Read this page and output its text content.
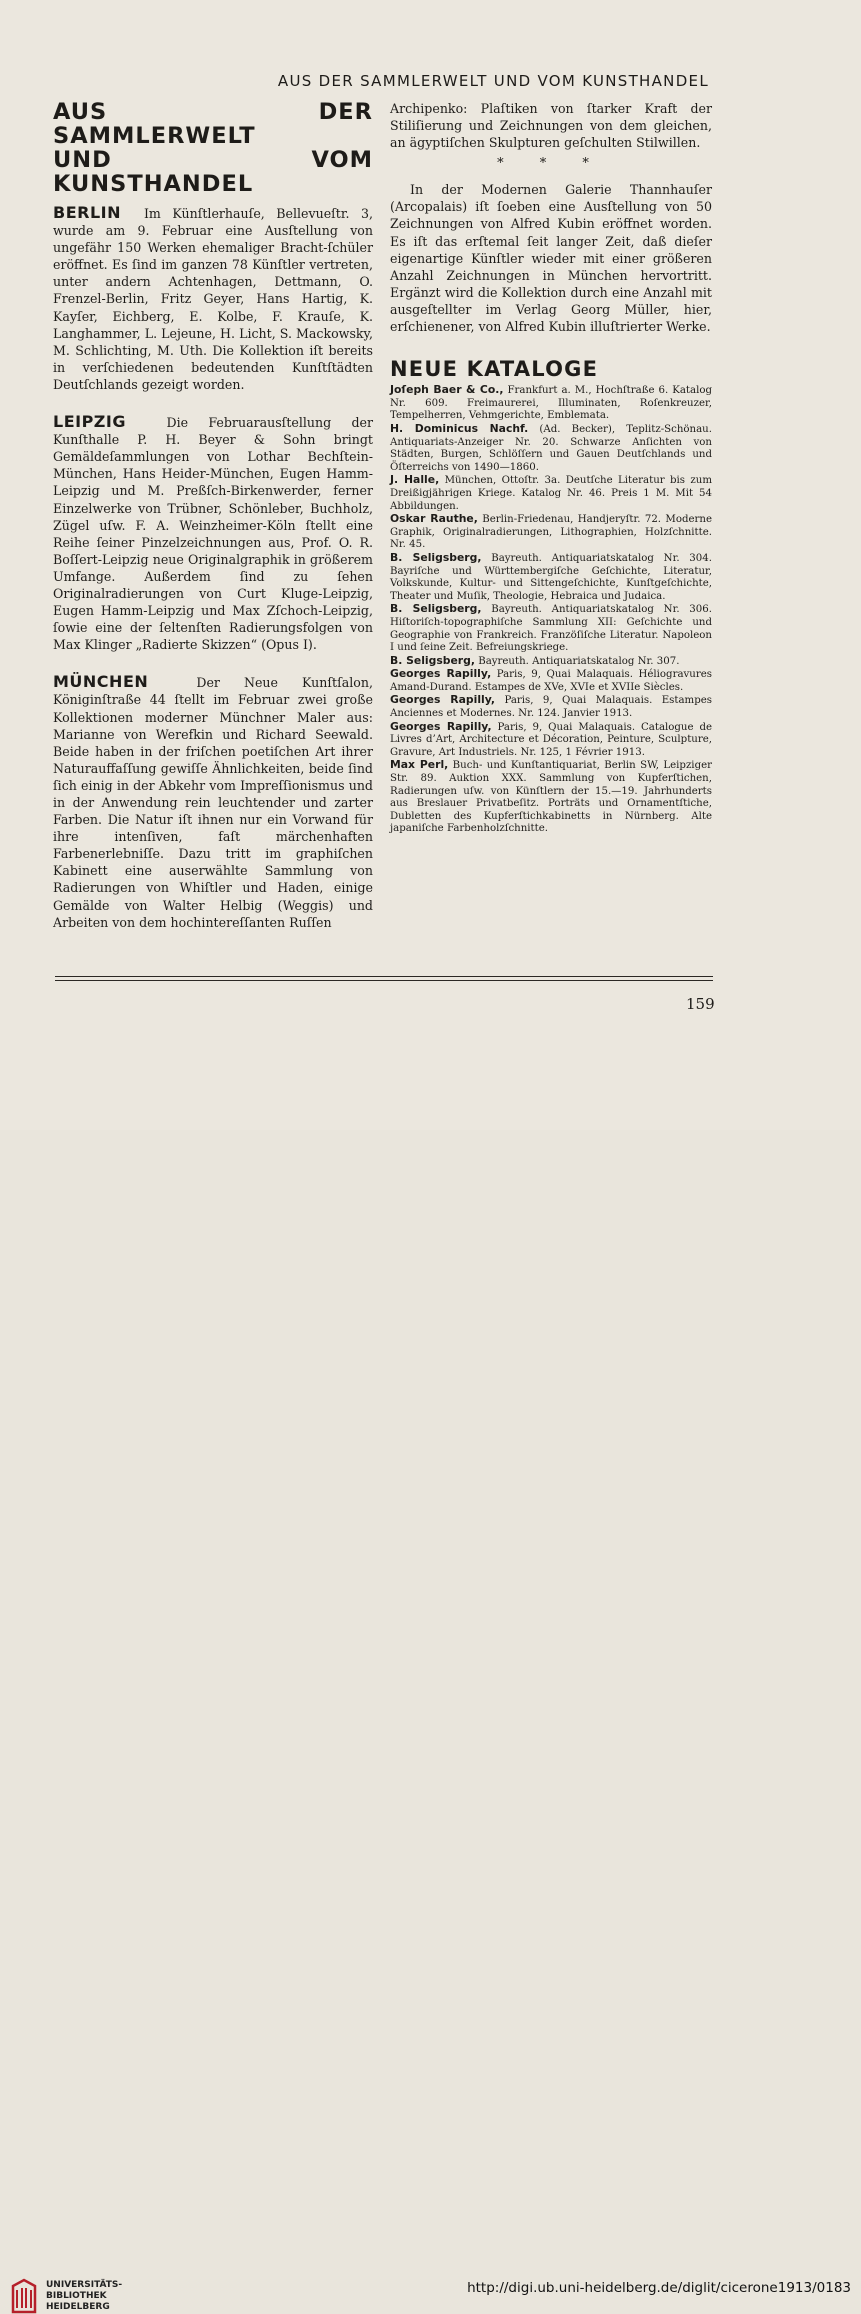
AUS DER SAMMLERWELT UND VOM KUNSTHANDEL
AUS DER SAMMLERWELT
UND VOM KUNSTHANDEL

BERLIN Im Künſtlerhauſe, Bellevueſtr. 3, wurde am 9. Februar eine Ausſtellung von ungefähr 150 Werken ehemaliger Bracht-ſchüler eröffnet. Es ſind im ganzen 78 Künſtler vertreten, unter andern Achtenhagen, Dettmann, O. Frenzel-Berlin, Fritz Geyer, Hans Hartig, K. Kayſer, Eichberg, E. Kolbe, F. Krauſe, K. Langhammer, L. Lejeune, H. Licht, S. Mackowsky, M. Schlichting, M. Uth. Die Kollektion iſt bereits in verſchiedenen bedeutenden Kunſtſtädten Deutſchlands gezeigt worden.

LEIPZIG	Die Februarausſtellung der Kunſthalle P. H. Beyer & Sohn bringt Gemäldeſammlungen von Lothar Bechſtein-München, Hans Heider-München, Eugen Hamm-Leipzig und M. Preßſch-Birkenwerder, ferner Einzelwerke von Trübner, Schönleber, Buchholz, Zügel uſw. F. A. Weinzheimer-Köln ſtellt eine Reihe ſeiner Pinzelzeichnungen aus, Prof. O. R. Boſſert-Leipzig neue Originalgraphik in größerem Umfange. Außerdem ſind zu ſehen Originalradierungen von Curt Kluge-Leipzig, Eugen Hamm-Leipzig und Max Zſchoch-Leipzig, ſowie eine der ſeltenſten Radierungsfolgen von Max Klinger „Radierte Skizzen“ (Opus I).

MÜNCHEN	Der Neue Kunſtſalon, Königinſtraße 44 ſtellt im Februar zwei große Kollektionen moderner Münchner Maler aus: Marianne von Werefkin und Richard Seewald. Beide haben in der friſchen poetiſchen Art ihrer Naturauffaſſung gewiſſe Ähnlichkeiten, beide ſind ſich einig in der Abkehr vom Impreſſionismus und in der Anwendung rein leuchtender und zarter Farben. Die Natur iſt ihnen nur ein Vorwand für ihre intenſiven, faſt märchenhaften Farbenerlebniſſe. Dazu tritt im graphiſchen Kabinett eine auserwählte Sammlung von Radierungen von Whiſtler und Haden, einige Gemälde von Walter Helbig (Weggis) und Arbeiten von dem hochintereſſanten Ruſſen

Archipenko: Plaſtiken von ſtarker Kraft der Stiliſierung und Zeichnungen von dem gleichen, an ägyptiſchen Skulpturen geſchulten Stilwillen.

* * *

In der Modernen Galerie Thannhauſer (Arcopalais) iſt ſoeben eine Ausſtellung von 50 Zeichnungen von Alfred Kubin eröffnet worden. Es iſt das erſtemal ſeit langer Zeit, daß dieſer eigenartige Künſtler wieder mit einer größeren Anzahl Zeichnungen in München hervortritt. Ergänzt wird die Kollektion durch eine Anzahl mit ausgeſtellter im Verlag Georg Müller, hier, erſchienener, von Alfred Kubin illuſtrierter Werke.

NEUE KATALOGE

Joſeph Baer & Co., Frankfurt a. M., Hochſtraße 6. Katalog Nr. 609. Freimaurerei, Illuminaten, Roſenkreuzer, Tempelherren, Vehmgerichte, Emblemata.

H. Dominicus Nachf. (Ad. Becker), Teplitz-Schönau. Antiquariats-Anzeiger Nr. 20. Schwarze Anſichten von Städten, Burgen, Schlöſſern und Gauen Deutſchlands und Öſterreichs von 1490—1860.

J. Halle, München, Ottoſtr. 3a. Deutſche Literatur bis zum Dreißigjährigen Kriege. Katalog Nr. 46. Preis 1 M. Mit 54 Abbildungen.

Oskar Rauthe, Berlin-Friedenau, Handjeryſtr. 72. Moderne Graphik, Originalradierungen, Lithographien, Holzſchnitte. Nr. 45.

B. Seligsberg, Bayreuth. Antiquariatskatalog Nr. 304. Bayriſche und Württembergiſche Geſchichte, Literatur, Volkskunde, Kultur- und Sittengeſchichte, Kunſtgeſchichte, Theater und Muſik, Theologie, Hebraica und Judaica.

B. Seligsberg, Bayreuth. Antiquariatskatalog Nr. 306. Hiſtoriſch-topographiſche Sammlung XII: Geſchichte und Geographie von Frankreich. Franzöſiſche Literatur. Napoleon I und ſeine Zeit. Befreiungskriege.

B. Seligsberg, Bayreuth. Antiquariatskatalog Nr. 307.

Georges Rapilly, Paris, 9, Quai Malaquais. Héliogravures Amand-Durand. Estampes de XVe, XVIe et XVIIe Siècles.

Georges Rapilly, Paris, 9, Quai Malaquais. Estampes Anciennes et Modernes. Nr. 124. Janvier 1913.

Georges Rapilly, Paris, 9, Quai Malaquais. Catalogue de Livres d’Art, Architecture et Décoration, Peinture, Sculpture, Gravure, Art Industriels. Nr. 125, 1 Février 1913.

Max Perl, Buch- und Kunſtantiquariat, Berlin SW, Leipziger Str. 89. Auktion XXX. Sammlung von Kupferſtichen, Radierungen uſw. von Künſtlern der 15.—19. Jahrhunderts aus Breslauer Privatbeſitz. Porträts und Ornamentſtiche, Dubletten des Kupferſtichkabinetts in Nürnberg. Alte japaniſche Farbenholzſchnitte.

159
UNIVERSITÄTS-
BIBLIOTHEK
HEIDELBERG
http://digi.ub.uni-heidelberg.de/diglit/cicerone1913/0183
